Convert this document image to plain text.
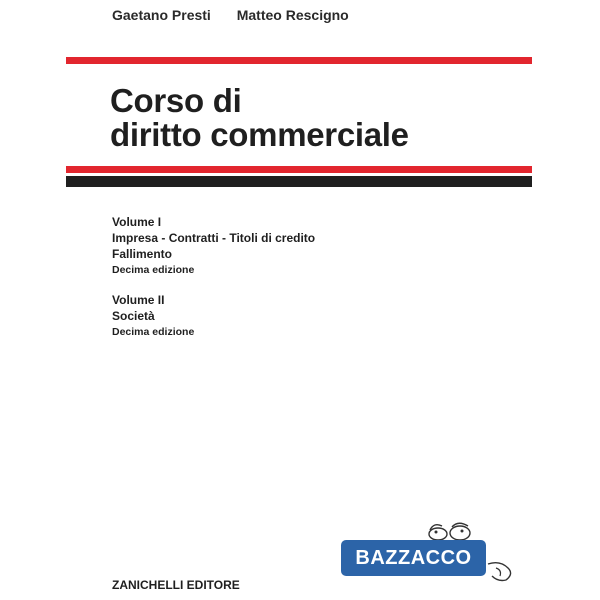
Gaetano Presti Matteo Rescigno
Corso di
diritto commerciale
Volume I
Impresa - Contratti - Titoli di credito
Fallimento
Decima edizione
Volume II
Società
Decima edizione
ZANICHELLI EDITORE
BAZZACCO
